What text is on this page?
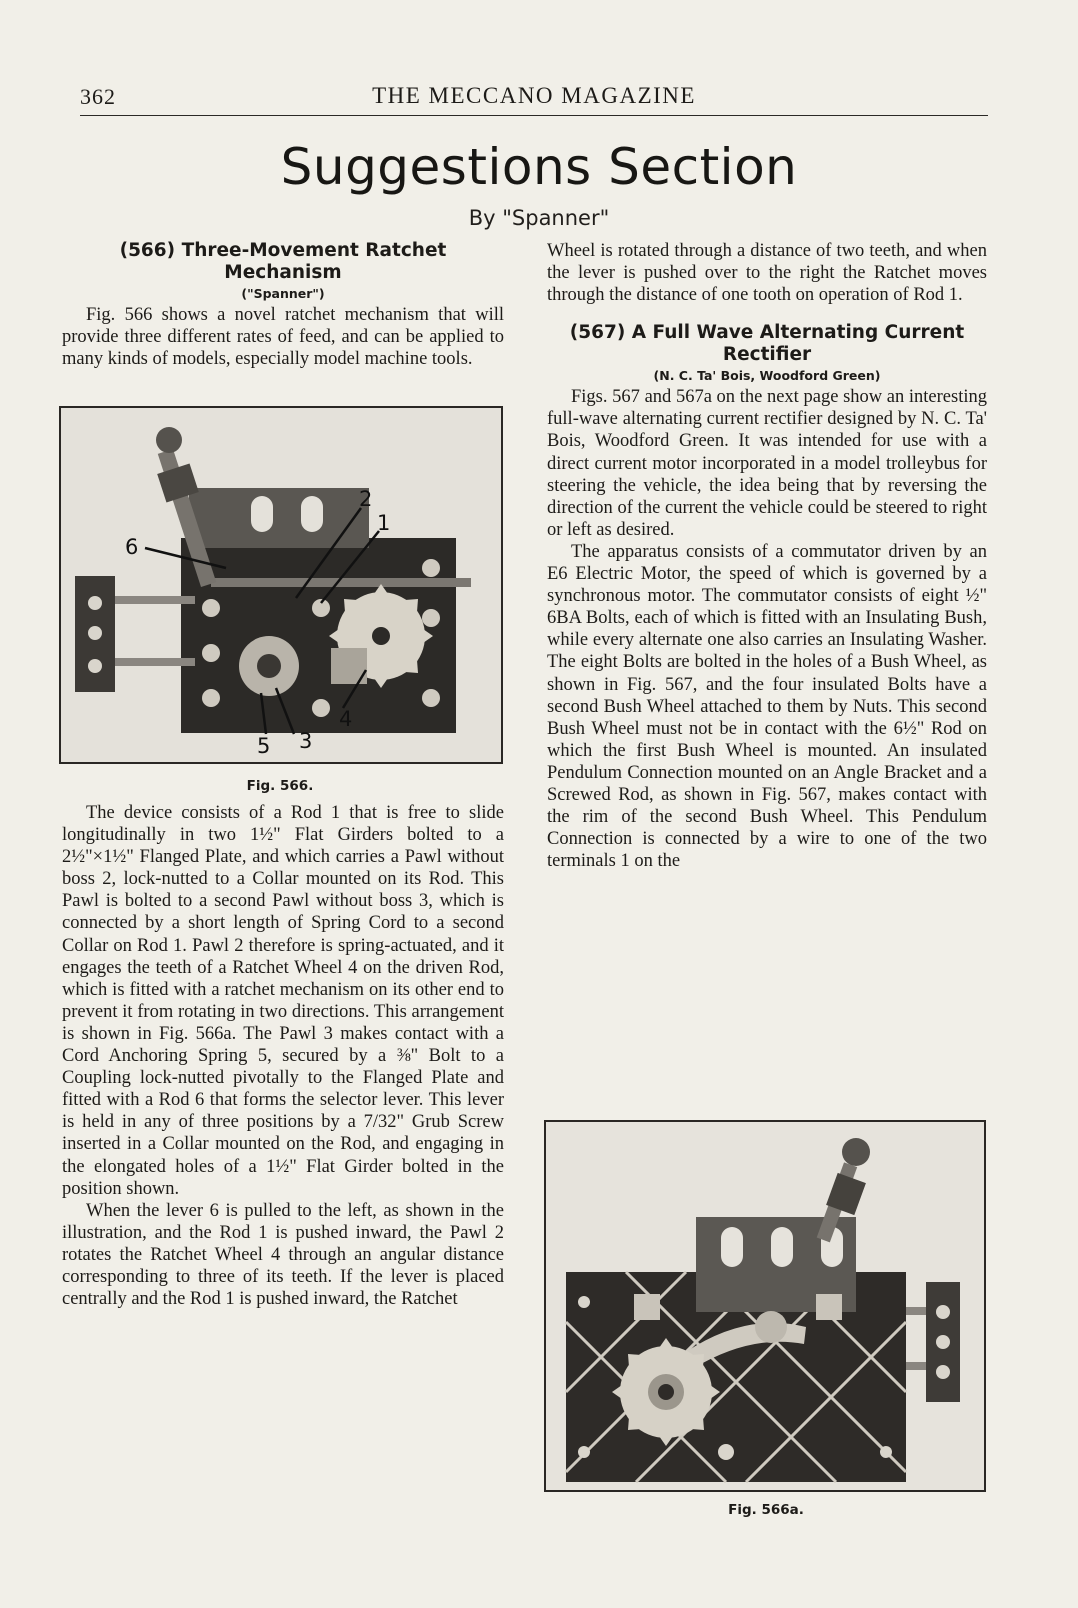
362	THE MECCANO MAGAZINE
Suggestions Section
By "Spanner"

(566) Three-Movement Ratchet Mechanism

("Spanner")

Fig. 566 shows a novel ratchet mechanism that will provide three different rates of feed, and can be applied to many kinds of models, especially model machine tools.

2
1
6
4
5 3
Fig. 566.

The device consists of a Rod 1 that is free to slide longitudinally in two 1½" Flat Girders bolted to a 2½"×1½" Flanged Plate, and which carries a Pawl without boss 2, lock-nutted to a Collar mounted on its Rod. This Pawl is bolted to a second Pawl without boss 3, which is connected by a short length of Spring Cord to a second Collar on Rod 1. Pawl 2 therefore is spring-actuated, and it engages the teeth of a Ratchet Wheel 4 on the driven Rod, which is fitted with a ratchet mechanism on its other end to prevent it from rotating in two directions. This arrangement is shown in Fig. 566a. The Pawl 3 makes contact with a Cord Anchoring Spring 5, secured by a ⅜" Bolt to a Coupling lock-nutted pivotally to the Flanged Plate and fitted with a Rod 6 that forms the selector lever. This lever is held in any of three positions by a 7/32" Grub Screw inserted in a Collar mounted on the Rod, and engaging in the elongated holes of a 1½" Flat Girder bolted in the position shown.

When the lever 6 is pulled to the left, as shown in the illustration, and the Rod 1 is pushed inward, the Pawl 2 rotates the Ratchet Wheel 4 through an angular distance corresponding to three of its teeth. If the lever is placed centrally and the Rod 1 is pushed inward, the Ratchet

Wheel is rotated through a distance of two teeth, and when the lever is pushed over to the right the Ratchet moves through the distance of one tooth on operation of Rod 1.

(567) A Full Wave Alternating Current Rectifier

(N. C. Ta' Bois, Woodford Green)

Figs. 567 and 567a on the next page show an interesting full-wave alternating current rectifier designed by N. C. Ta' Bois, Woodford Green. It was intended for use with a direct current motor incorporated in a model trolleybus for steering the vehicle, the idea being that by reversing the direction of the current the vehicle could be steered to right or left as desired.

The apparatus consists of a commutator driven by an E6 Electric Motor, the speed of which is governed by a synchronous motor. The commutator consists of eight ½" 6BA Bolts, each of which is fitted with an Insulating Bush, while every alternate one also carries an Insulating Washer. The eight Bolts are bolted in the holes of a Bush Wheel, as shown in Fig. 567, and the four insulated Bolts have a second Bush Wheel attached to them by Nuts. This second Bush Wheel must not be in contact with the 6½" Rod on which the first Bush Wheel is mounted. An insulated Pendulum Connection mounted on an Angle Bracket and a Screwed Rod, as shown in Fig. 567, makes contact with the rim of the second Bush Wheel. This Pendulum Connection is connected by a wire to one of the two terminals 1 on the

Fig. 566a.
